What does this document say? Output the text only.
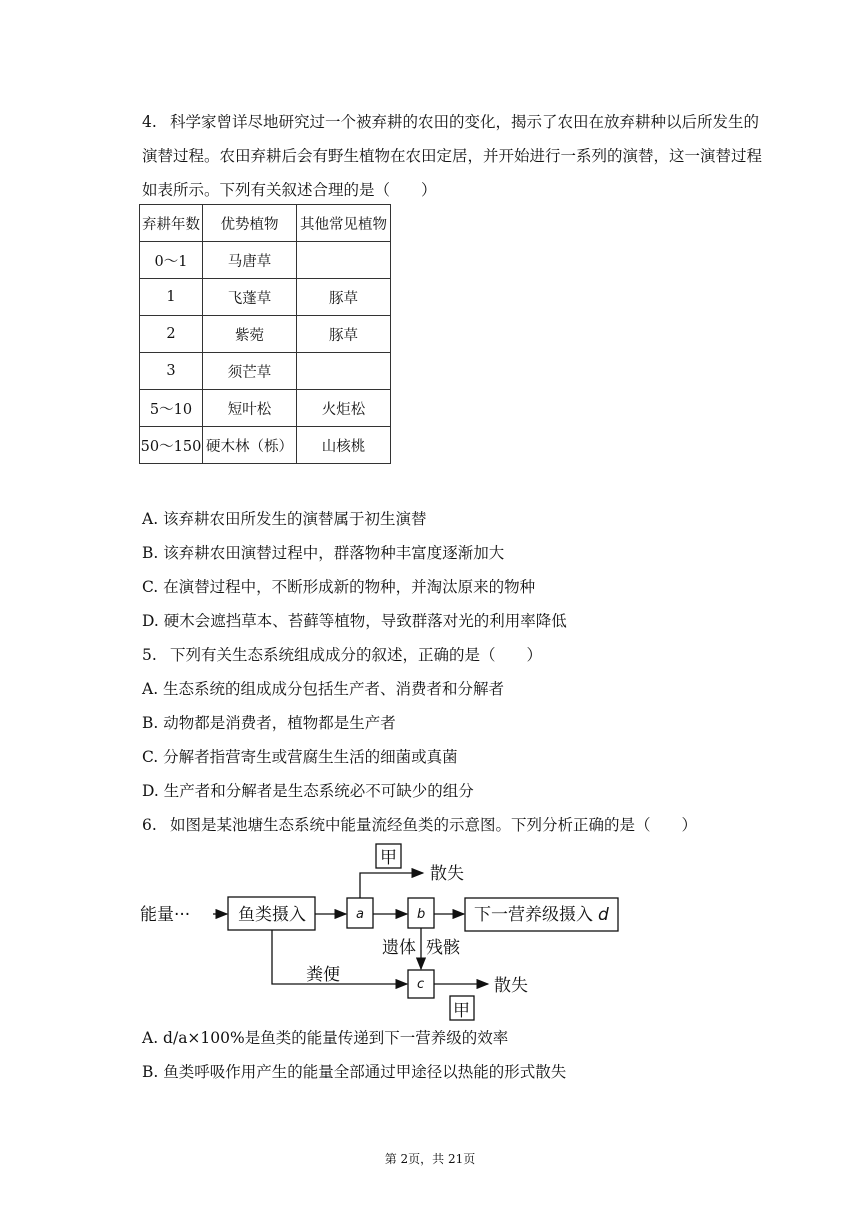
4. 科学家曾详尽地研究过一个被弃耕的农田的变化，揭示了农田在放弃耕种以后所发生的
演替过程。农田弃耕后会有野生植物在农田定居，并开始进行一系列的演替，这一演替过程
如表所示。下列有关叙述合理的是（　　）
弃耕年数	优势植物	其他常见植物
0～1	马唐草	
1	飞蓬草	豚草
2	紫菀	豚草
3	须芒草	
5～10	短叶松	火炬松
50～150	硬木林（栎）	山核桃
A. 该弃耕农田所发生的演替属于初生演替
B. 该弃耕农田演替过程中，群落物种丰富度逐渐加大
C. 在演替过程中，不断形成新的物种，并淘汰原来的物种
D. 硬木会遮挡草本、苔藓等植物，导致群落对光的利用率降低
5. 下列有关生态系统组成成分的叙述，正确的是（　　）
A. 生态系统的组成成分包括生产者、消费者和分解者
B. 动物都是消费者，植物都是生产者
C. 分解者指营寄生或营腐生生活的细菌或真菌
D. 生产者和分解者是生态系统必不可缺少的组分
6. 如图是某池塘生态系统中能量流经鱼类的示意图。下列分析正确的是（　　）
能量···	鱼类摄入	下一营养级摄入
甲
甲
散失
散失
遗体 残骸
粪便
a	b
c
d
A. d/a×100%是鱼类的能量传递到下一营养级的效率
B. 鱼类呼吸作用产生的能量全部通过甲途径以热能的形式散失
第 2页，共 21页
